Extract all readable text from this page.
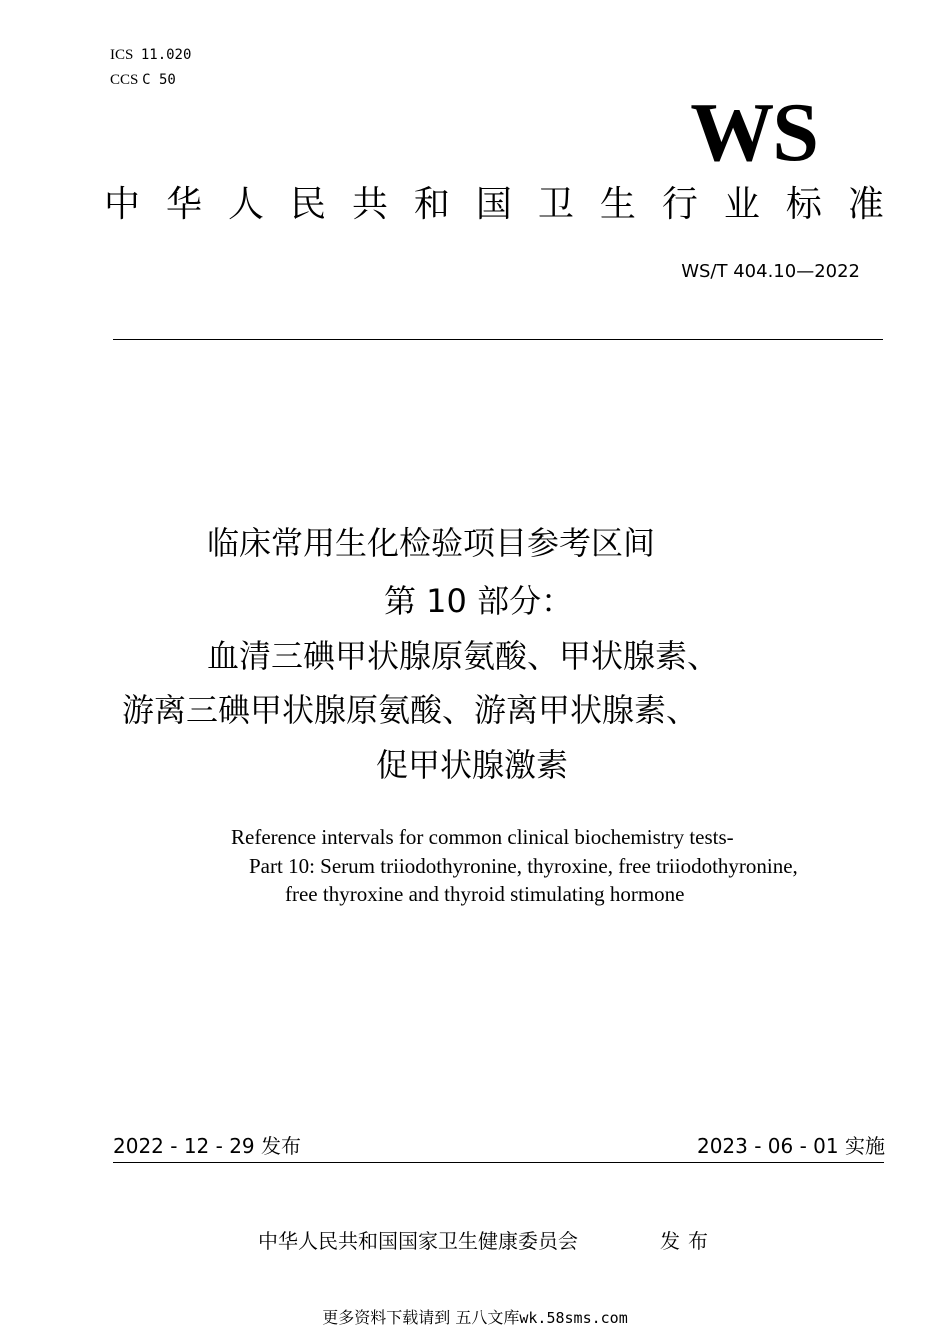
ICS 11.020
CCS C 50
WS
中 华 人 民 共 和 国 卫 生 行 业 标 准
WS/T 404.10—2022
临床常用生化检验项目参考区间
第 10 部分：
血清三碘甲状腺原氨酸、甲状腺素、
游离三碘甲状腺原氨酸、游离甲状腺素、
促甲状腺激素
Reference intervals for common clinical biochemistry tests-
Part 10: Serum triiodothyronine, thyroxine, free triiodothyronine,
free thyroxine and thyroid stimulating hormone
2022 - 12 - 29 发布	2023 - 06 - 01 实施
中华人民共和国国家卫生健康委员会	发布
更多资料下载请到 五八文库wk.58sms.com
